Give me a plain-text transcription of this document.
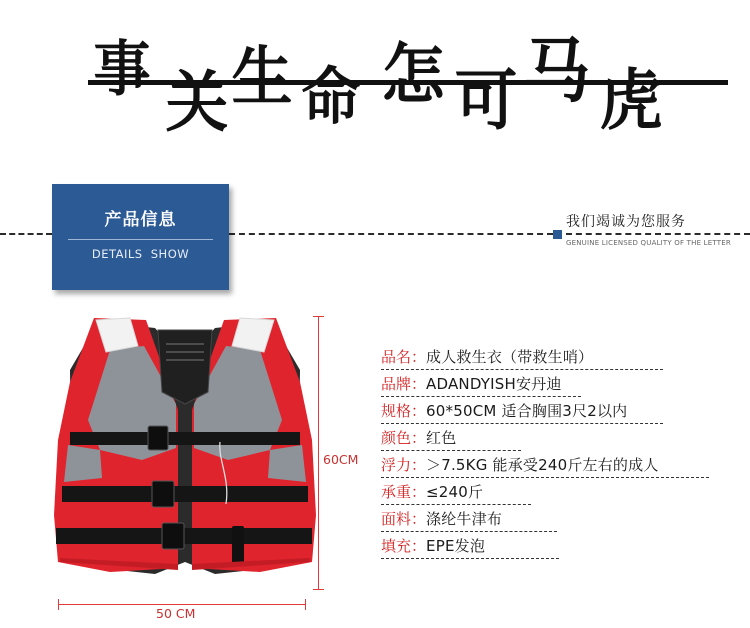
事 关 生 命 怎 可 马 虎
产品信息
DETAILS SHOW
我们竭诚为您服务
GENUINE LICENSED QUALITY OF THE LETTER
60CM
50 CM
品名：成人救生衣（带救生哨）
品牌：ADANDYISH安丹迪
规格：60*50CM 适合胸围3尺2以内
颜色：红色
浮力：＞7.5KG 能承受240斤左右的成人
承重：≤240斤
面料：涤纶牛津布
填充：EPE发泡
